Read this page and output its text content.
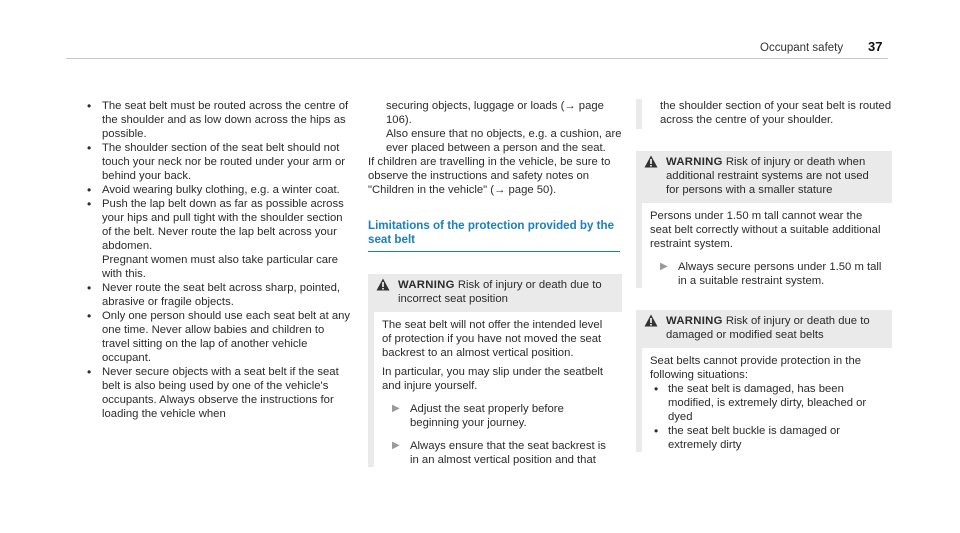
Occupant safety 37
• The seat belt must be routed across the centre of the shoulder and as low down across the hips as possible.
• The shoulder section of the seat belt should not touch your neck nor be routed under your arm or behind your back.
• Avoid wearing bulky clothing, e.g. a winter coat.
• Push the lap belt down as far as possible across your hips and pull tight with the shoulder section of the belt. Never route the lap belt across your abdomen.
Pregnant women must also take particular care with this.
• Never route the seat belt across sharp, pointed, abrasive or fragile objects.
• Only one person should use each seat belt at any one time. Never allow babies and children to travel sitting on the lap of another vehicle occupant.
• Never secure objects with a seat belt if the seat belt is also being used by one of the vehicle's occupants. Always observe the instructions for loading the vehicle when
securing objects, luggage or loads (→ page 106).
Also ensure that no objects, e.g. a cushion, are ever placed between a person and the seat.
If children are travelling in the vehicle, be sure to observe the instructions and safety notes on "Children in the vehicle" (→ page 50).
Limitations of the protection provided by the seat belt
WARNING Risk of injury or death due to incorrect seat position
The seat belt will not offer the intended level of protection if you have not moved the seat backrest to an almost vertical position.
In particular, you may slip under the seatbelt and injure yourself.
▶ Adjust the seat properly before beginning your journey.
▶ Always ensure that the seat backrest is in an almost vertical position and that
the shoulder section of your seat belt is routed across the centre of your shoulder.
WARNING Risk of injury or death when additional restraint systems are not used for persons with a smaller stature
Persons under 1.50 m tall cannot wear the seat belt correctly without a suitable additional restraint system.
▶ Always secure persons under 1.50 m tall in a suitable restraint system.
WARNING Risk of injury or death due to damaged or modified seat belts
Seat belts cannot provide protection in the following situations:
• the seat belt is damaged, has been modified, is extremely dirty, bleached or dyed
• the seat belt buckle is damaged or extremely dirty
